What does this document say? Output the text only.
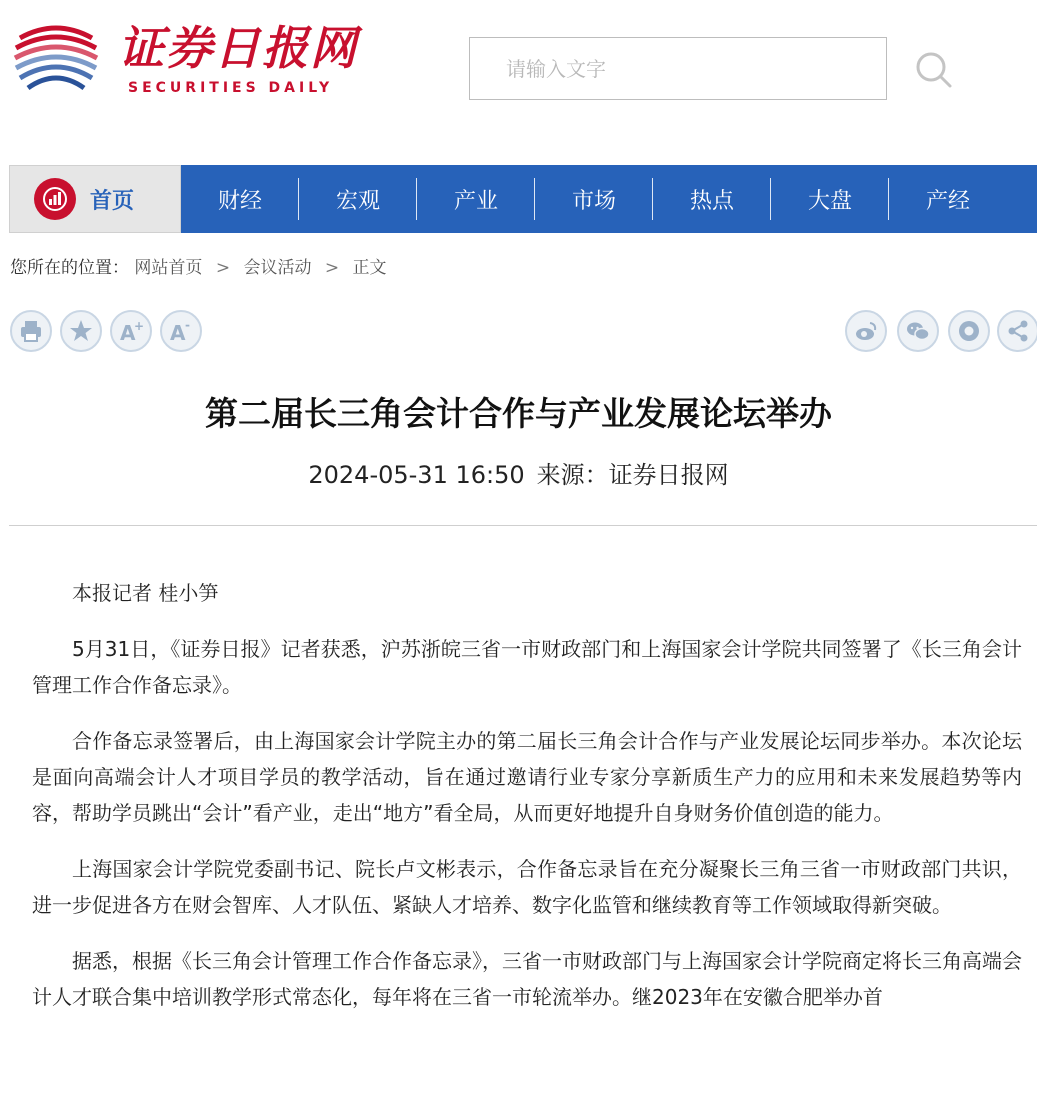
证券日报网
SECURITIES DAILY
请输入文字
首页	财经	宏观	产业	市场	热点	大盘	产经
您所在的位置： 网站首页 > 会议活动 > 正文
A
+ A -
第二届长三角会计合作与产业发展论坛举办
2024-05-31 16:50 来源：证券日报网

本报记者 桂小笋

5月31日，《证券日报》记者获悉，沪苏浙皖三省一市财政部门和上海国家会计学院共同签署了《长三角会计管理工作合作备忘录》。

合作备忘录签署后，由上海国家会计学院主办的第二届长三角会计合作与产业发展论坛同步举办。本次论坛是面向高端会计人才项目学员的教学活动，旨在通过邀请行业专家分享新质生产力的应用和未来发展趋势等内容，帮助学员跳出“会计”看产业，走出“地方”看全局，从而更好地提升自身财务价值创造的能力。

上海国家会计学院党委副书记、院长卢文彬表示，合作备忘录旨在充分凝聚长三角三省一市财政部门共识，进一步促进各方在财会智库、人才队伍、紧缺人才培养、数字化监管和继续教育等工作领域取得新突破。

据悉，根据《长三角会计管理工作合作备忘录》，三省一市财政部门与上海国家会计学院商定将长三角高端会计人才联合集中培训教学形式常态化，每年将在三省一市轮流举办。继2023年在安徽合肥举办首
